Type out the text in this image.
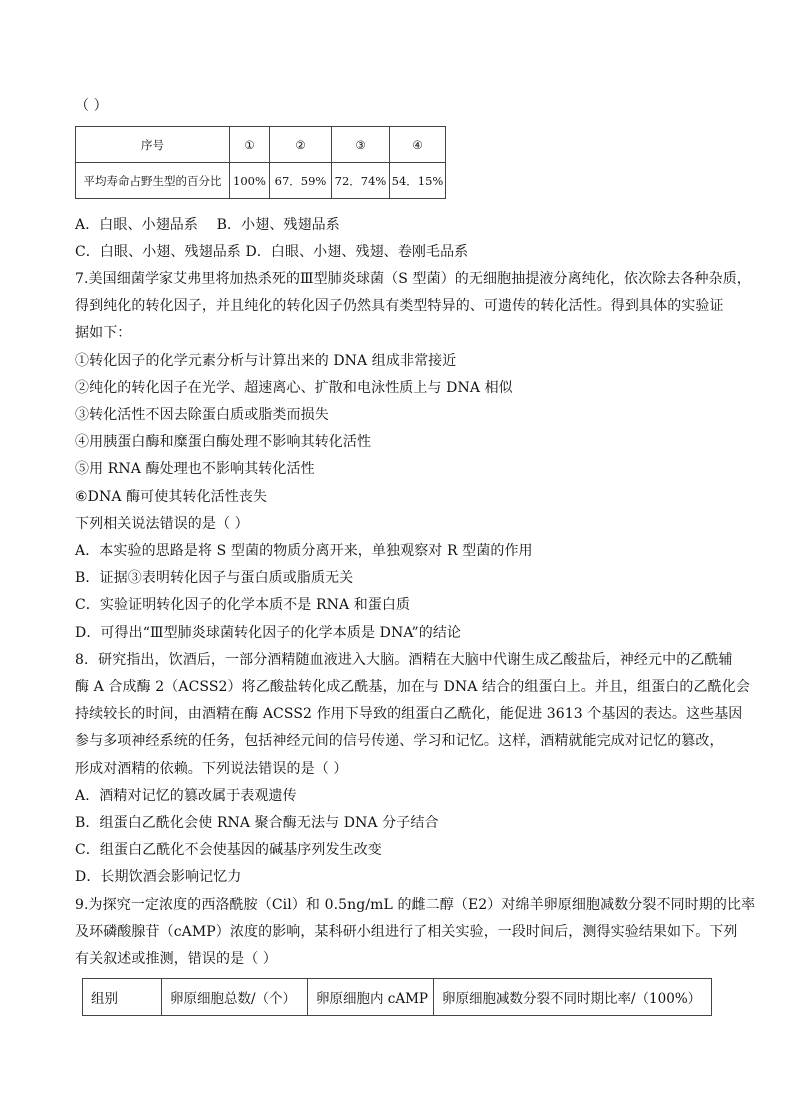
（ ）
序号	①	②	③	④
平均寿命占野生型的百分比	100%	67．59%	72．74%	54．15%
A．白眼、小翅品系　 B．小翅、残翅品系
C．白眼、小翅、残翅品系 D．白眼、小翅、残翅、卷刚毛品系
7.美国细菌学家艾弗里将加热杀死的Ⅲ型肺炎球菌（S 型菌）的无细胞抽提液分离纯化，依次除去各种杂质，
得到纯化的转化因子，并且纯化的转化因子仍然具有类型特异的、可遗传的转化活性。得到具体的实验证
据如下：
①转化因子的化学元素分析与计算出来的 DNA 组成非常接近
②纯化的转化因子在光学、超速离心、扩散和电泳性质上与 DNA 相似
③转化活性不因去除蛋白质或脂类而损失
④用胰蛋白酶和糜蛋白酶处理不影响其转化活性
⑤用 RNA 酶处理也不影响其转化活性
⑥DNA 酶可使其转化活性丧失
下列相关说法错误的是（ ）
A．本实验的思路是将 S 型菌的物质分离开来，单独观察对 R 型菌的作用
B．证据③表明转化因子与蛋白质或脂质无关
C．实验证明转化因子的化学本质不是 RNA 和蛋白质
D．可得出“Ⅲ型肺炎球菌转化因子的化学本质是 DNA”的结论
8．研究指出，饮酒后，一部分酒精随血液进入大脑。酒精在大脑中代谢生成乙酸盐后，神经元中的乙酰辅
酶 A 合成酶 2（ACSS2）将乙酸盐转化成乙酰基，加在与 DNA 结合的组蛋白上。并且，组蛋白的乙酰化会
持续较长的时间，由酒精在酶 ACSS2 作用下导致的组蛋白乙酰化，能促进 3613 个基因的表达。这些基因
参与多项神经系统的任务，包括神经元间的信号传递、学习和记忆。这样，酒精就能完成对记忆的篡改，
形成对酒精的依赖。下列说法错误的是（ ）
A．酒精对记忆的篡改属于表观遗传
B．组蛋白乙酰化会使 RNA 聚合酶无法与 DNA 分子结合
C．组蛋白乙酰化不会使基因的碱基序列发生改变
D．长期饮酒会影响记忆力
9.为探究一定浓度的西洛酰胺（Cil）和 0.5ng/mL 的雌二醇（E2）对绵羊卵原细胞减数分裂不同时期的比率
及环磷酸腺苷（cAMP）浓度的影响，某科研小组进行了相关实验，一段时间后，测得实验结果如下。下列
有关叙述或推测，错误的是（ ）
组别	卵原细胞总数/（个）	卵原细胞内 cAMP	卵原细胞减数分裂不同时期比率/（100%）
